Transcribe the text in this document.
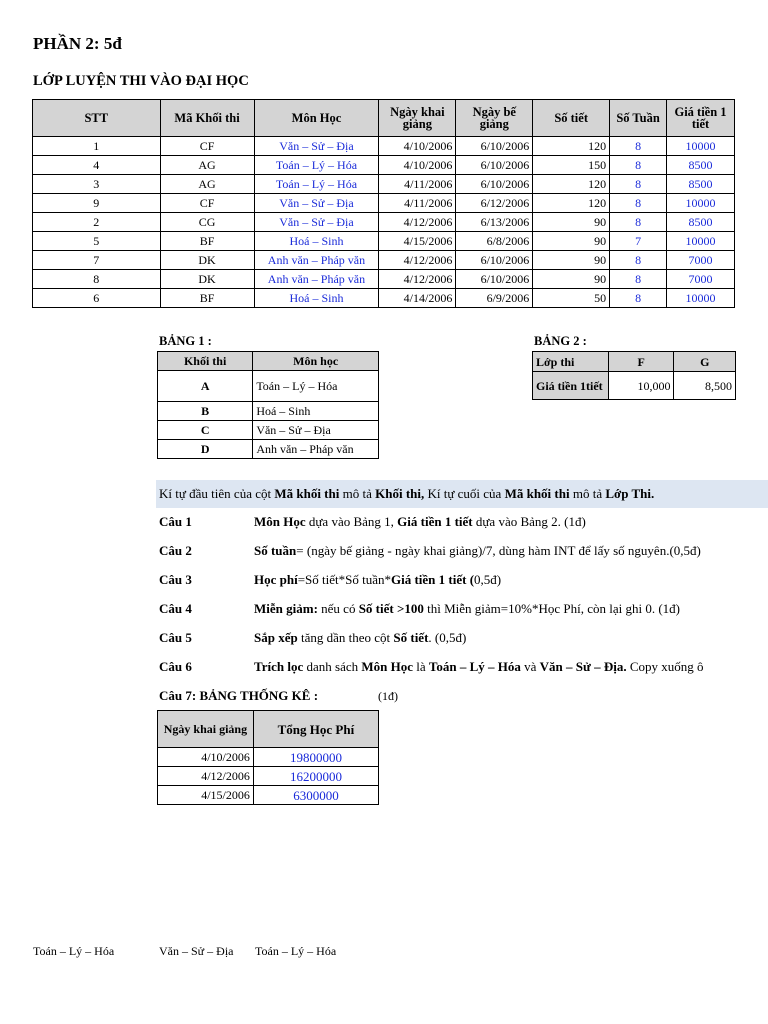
PHẦN 2: 5đ
LỚP LUYỆN THI VÀO ĐẠI HỌC
STT	Mã Khối thi	Môn Học	Ngày khai giảng	Ngày bế giảng	Số tiết	Số Tuần	Giá tiền 1 tiết
1	CF	Văn – Sử – Địa	4/10/2006	6/10/2006	120	8	10000
4	AG	Toán – Lý – Hóa	4/10/2006	6/10/2006	150	8	8500
3	AG	Toán – Lý – Hóa	4/11/2006	6/10/2006	120	8	8500
9	CF	Văn – Sử – Địa	4/11/2006	6/12/2006	120	8	10000
2	CG	Văn – Sử – Địa	4/12/2006	6/13/2006	90	8	8500
5	BF	Hoá – Sinh	4/15/2006	6/8/2006	90	7	10000
7	DK	Anh văn – Pháp văn	4/12/2006	6/10/2006	90	8	7000
8	DK	Anh văn – Pháp văn	4/12/2006	6/10/2006	90	8	7000
6	BF	Hoá – Sinh	4/14/2006	6/9/2006	50	8	10000
BẢNG 1 :
Khối thi	Môn học
A	Toán – Lý – Hóa
B	Hoá – Sinh
C	Văn – Sử – Địa
D	Anh văn – Pháp văn
BẢNG 2 :
Lớp thi	F	G
Giá tiền 1tiết	10,000	8,500
Kí tự đầu tiên của cột Mã khối thi mô tả Khối thi, Kí tự cuối của Mã khối thi mô tả Lớp Thi.
Câu 1	Môn Học dựa vào Bảng 1, Giá tiền 1 tiết dựa vào Bảng 2. (1đ)
Câu 2	Số tuần= (ngày bế giảng - ngày khai giảng)/7, dùng hàm INT để lấy số nguyên.(0,5đ)
Câu 3	Học phí=Số tiết*Số tuần*Giá tiền 1 tiết (0,5đ)
Câu 4	Miễn giảm: nếu có Số tiết >100 thì Miễn giảm=10%*Học Phí, còn lại ghi 0. (1đ)
Câu 5	Sắp xếp tăng dần theo cột Số tiết. (0,5đ)
Câu 6	Trích lọc danh sách Môn Học là Toán – Lý – Hóa và Văn – Sử – Địa. Copy xuống ô
Câu 7: BẢNG THỐNG KÊ :	(1đ)
Ngày khai giảng	Tổng Học Phí
4/10/2006	19800000
4/12/2006	16200000
4/15/2006	6300000
Toán – Lý – Hóa	Văn – Sử – Địa Toán – Lý – Hóa
